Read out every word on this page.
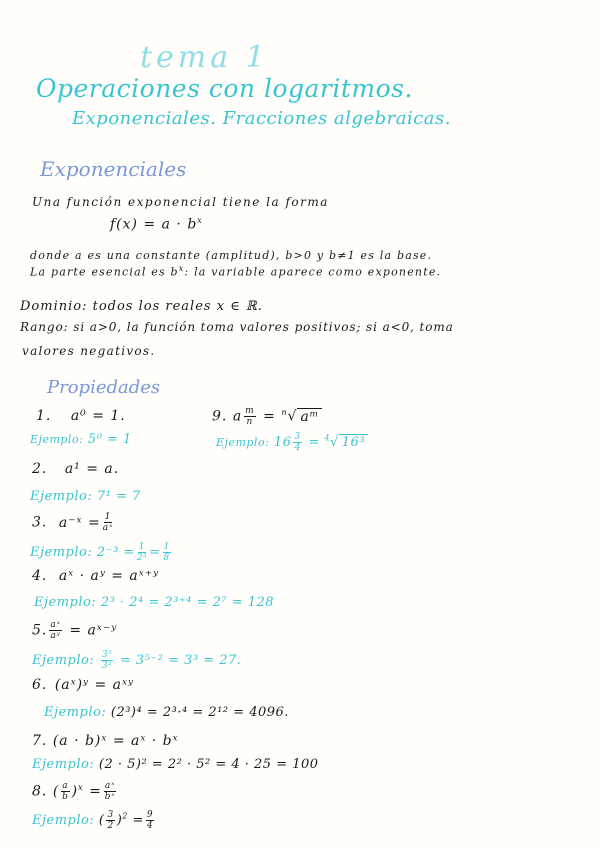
tema 1
Operaciones con logaritmos.
Exponenciales. Fracciones algebraicas.
Exponenciales
Una función exponencial tiene la forma
$f(x) = a \cdot b^x$
donde a es una constante (amplitud), b>0 y b≠1 es la base.
La parte esencial es $b^x$: la variable aparece como exponente.
Dominio: todos los reales x ∈ ℝ.
Rango: si a>0, la función toma valores positivos; si a<0, toma
valores negativos.
Propiedades
1. a⁰ = 1.
Ejemplo: 5⁰ = 1
9. a $\frac{m}{n} = ^n√$ aᵐ
Ejemplo: $16 \frac{3}{4} = ^4√$ 16³
2. a¹ = a.
Ejemplo: 7¹ = 7
3. a⁻ˣ = $\frac{1}{\text{aˣ}}$
Ejemplo: $2^{-3} = \frac{1}{\text{2³}} = \frac{1}{8}$
4. aˣ · aʸ = aˣ⁺ʸ
Ejemplo: 2³ · 2⁴ = 2³⁺⁴ = 2⁷ = 128
5. $\frac{\text{aˣ}}{\text{aʸ}}$ = aˣ⁻ʸ
Ejemplo: $\frac{\text{3⁵}}{\text{3²}} = 3^{5-2} = 3^3 = 27$.
6. (aˣ)ʸ = aˣʸ
Ejemplo: (2³)⁴ = 2³·⁴ = 2¹² = 4096.
7. (a · b)ˣ = aˣ · bˣ
Ejemplo: (2 · 5)² = 2² · 5² = 4 · 25 = 100
8. ( $\frac{a}{b} )^x = \frac{\text{aˣ}}{\text{bˣ}}$
Ejemplo: ( $\frac{3}{2} )^2 = \frac{9}{4}$
